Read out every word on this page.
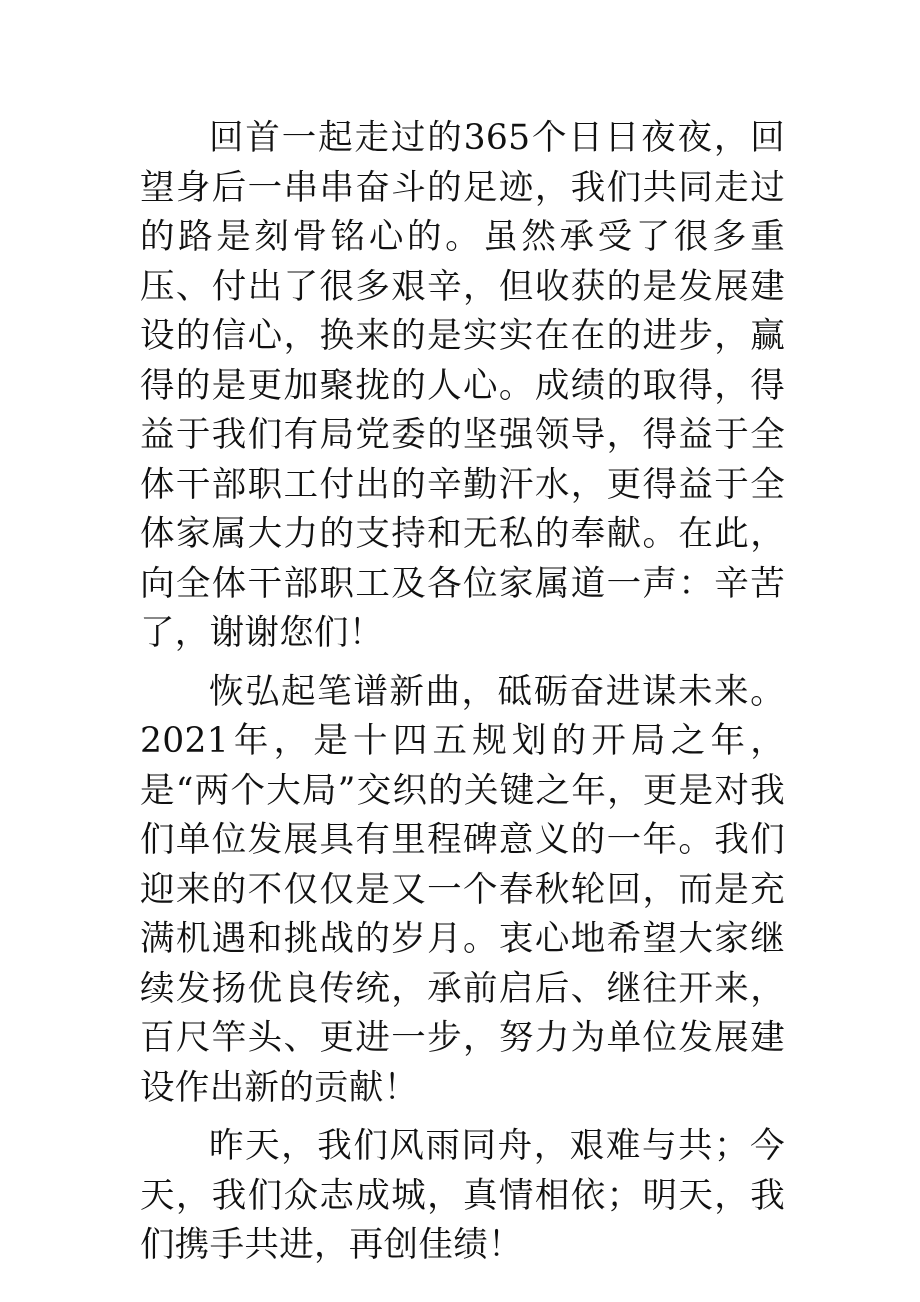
回首一起走过的365个日日夜夜，回望身后一串串奋斗的足迹，我们共同走过的路是刻骨铭心的。虽然承受了很多重压、付出了很多艰辛，但收获的是发展建设的信心，换来的是实实在在的进步，赢得的是更加聚拢的人心。成绩的取得，得益于我们有局党委的坚强领导，得益于全体干部职工付出的辛勤汗水，更得益于全体家属大力的支持和无私的奉献。在此，向全体干部职工及各位家属道一声：辛苦了，谢谢您们！

恢弘起笔谱新曲，砥砺奋进谋未来。2021年，是十四五规划的开局之年，是“两个大局”交织的关键之年，更是对我们单位发展具有里程碑意义的一年。我们迎来的不仅仅是又一个春秋轮回，而是充满机遇和挑战的岁月。衷心地希望大家继续发扬优良传统，承前启后、继往开来，百尺竿头、更进一步，努力为单位发展建设作出新的贡献！

昨天，我们风雨同舟，艰难与共；今天，我们众志成城，真情相依；明天，我们携手共进，再创佳绩！
